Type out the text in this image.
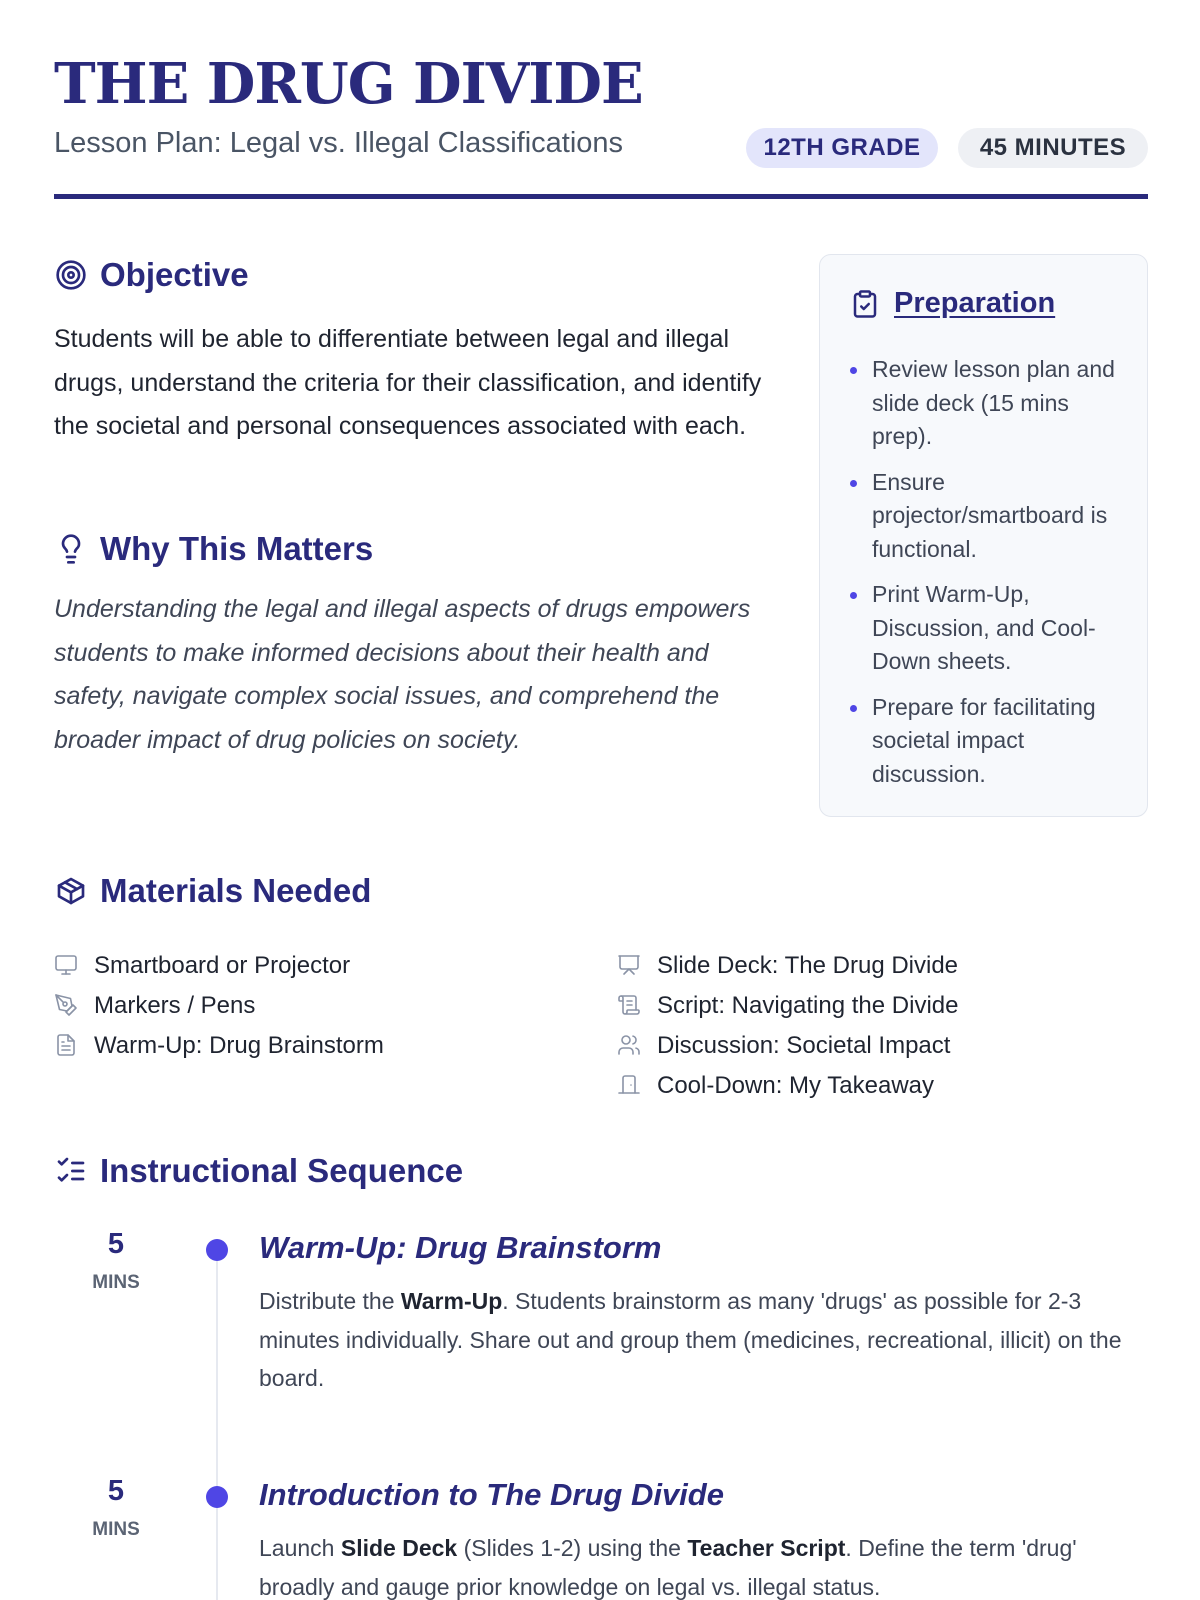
THE DRUG DIVIDE
Lesson Plan: Legal vs. Illegal Classifications	12TH GRADE	45 MINUTES
Objective

Students will be able to differentiate between legal and illegal drugs, understand the criteria for their classification, and identify the societal and personal consequences associated with each.

Why This Matters

Understanding the legal and illegal aspects of drugs empowers students to make informed decisions about their health and safety, navigate complex social issues, and comprehend the broader impact of drug policies on society.

Preparation
Review lesson plan and slide deck (15 mins prep).
Ensure projector/smartboard is functional.
Print Warm-Up, Discussion, and Cool-Down sheets.
Prepare for facilitating societal impact discussion.
Materials Needed
Smartboard or Projector
Markers / Pens
Warm-Up: Drug Brainstorm
Slide Deck: The Drug Divide
Script: Navigating the Divide
Discussion: Societal Impact
Cool-Down: My Takeaway
Instructional Sequence
5
MINS
Warm-Up: Drug Brainstorm

Distribute the Warm-Up. Students brainstorm as many 'drugs' as possible for 2-3 minutes individually. Share out and group them (medicines, recreational, illicit) on the board.

5
MINS
Introduction to The Drug Divide

Launch Slide Deck (Slides 1-2) using the Teacher Script. Define the term 'drug' broadly and gauge prior knowledge on legal vs. illegal status.
